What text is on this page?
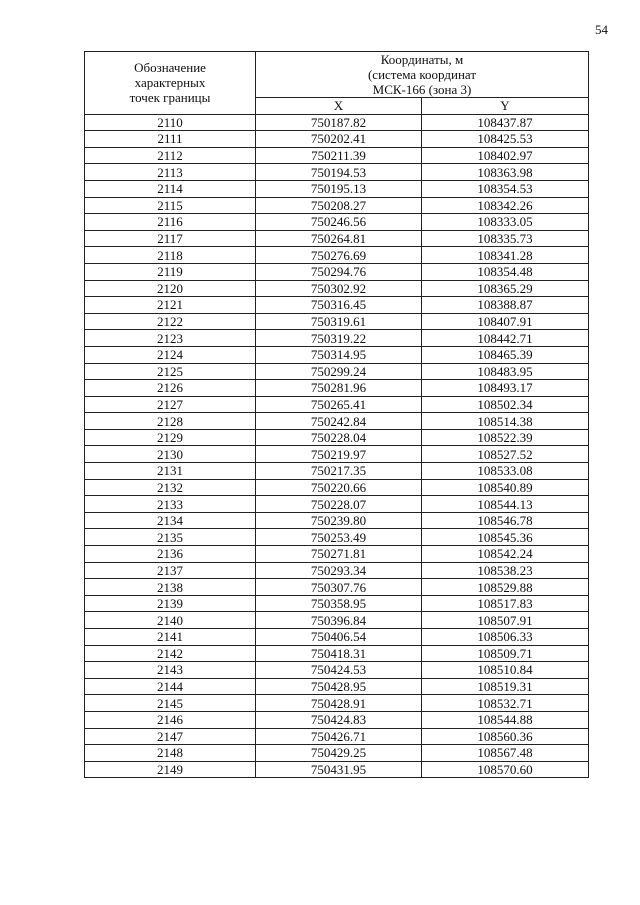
54
Обозначение
характерных
точек границы	Координаты, м
(система координат
МСК-166 (зона 3)	

	X	Y
2110	750187.82	108437.87
2111	750202.41	108425.53
2112	750211.39	108402.97
2113	750194.53	108363.98
2114	750195.13	108354.53
2115	750208.27	108342.26
2116	750246.56	108333.05
2117	750264.81	108335.73
2118	750276.69	108341.28
2119	750294.76	108354.48
2120	750302.92	108365.29
2121	750316.45	108388.87
2122	750319.61	108407.91
2123	750319.22	108442.71
2124	750314.95	108465.39
2125	750299.24	108483.95
2126	750281.96	108493.17
2127	750265.41	108502.34
2128	750242.84	108514.38
2129	750228.04	108522.39
2130	750219.97	108527.52
2131	750217.35	108533.08
2132	750220.66	108540.89
2133	750228.07	108544.13
2134	750239.80	108546.78
2135	750253.49	108545.36
2136	750271.81	108542.24
2137	750293.34	108538.23
2138	750307.76	108529.88
2139	750358.95	108517.83
2140	750396.84	108507.91
2141	750406.54	108506.33
2142	750418.31	108509.71
2143	750424.53	108510.84
2144	750428.95	108519.31
2145	750428.91	108532.71
2146	750424.83	108544.88
2147	750426.71	108560.36
2148	750429.25	108567.48
2149	750431.95	108570.60
